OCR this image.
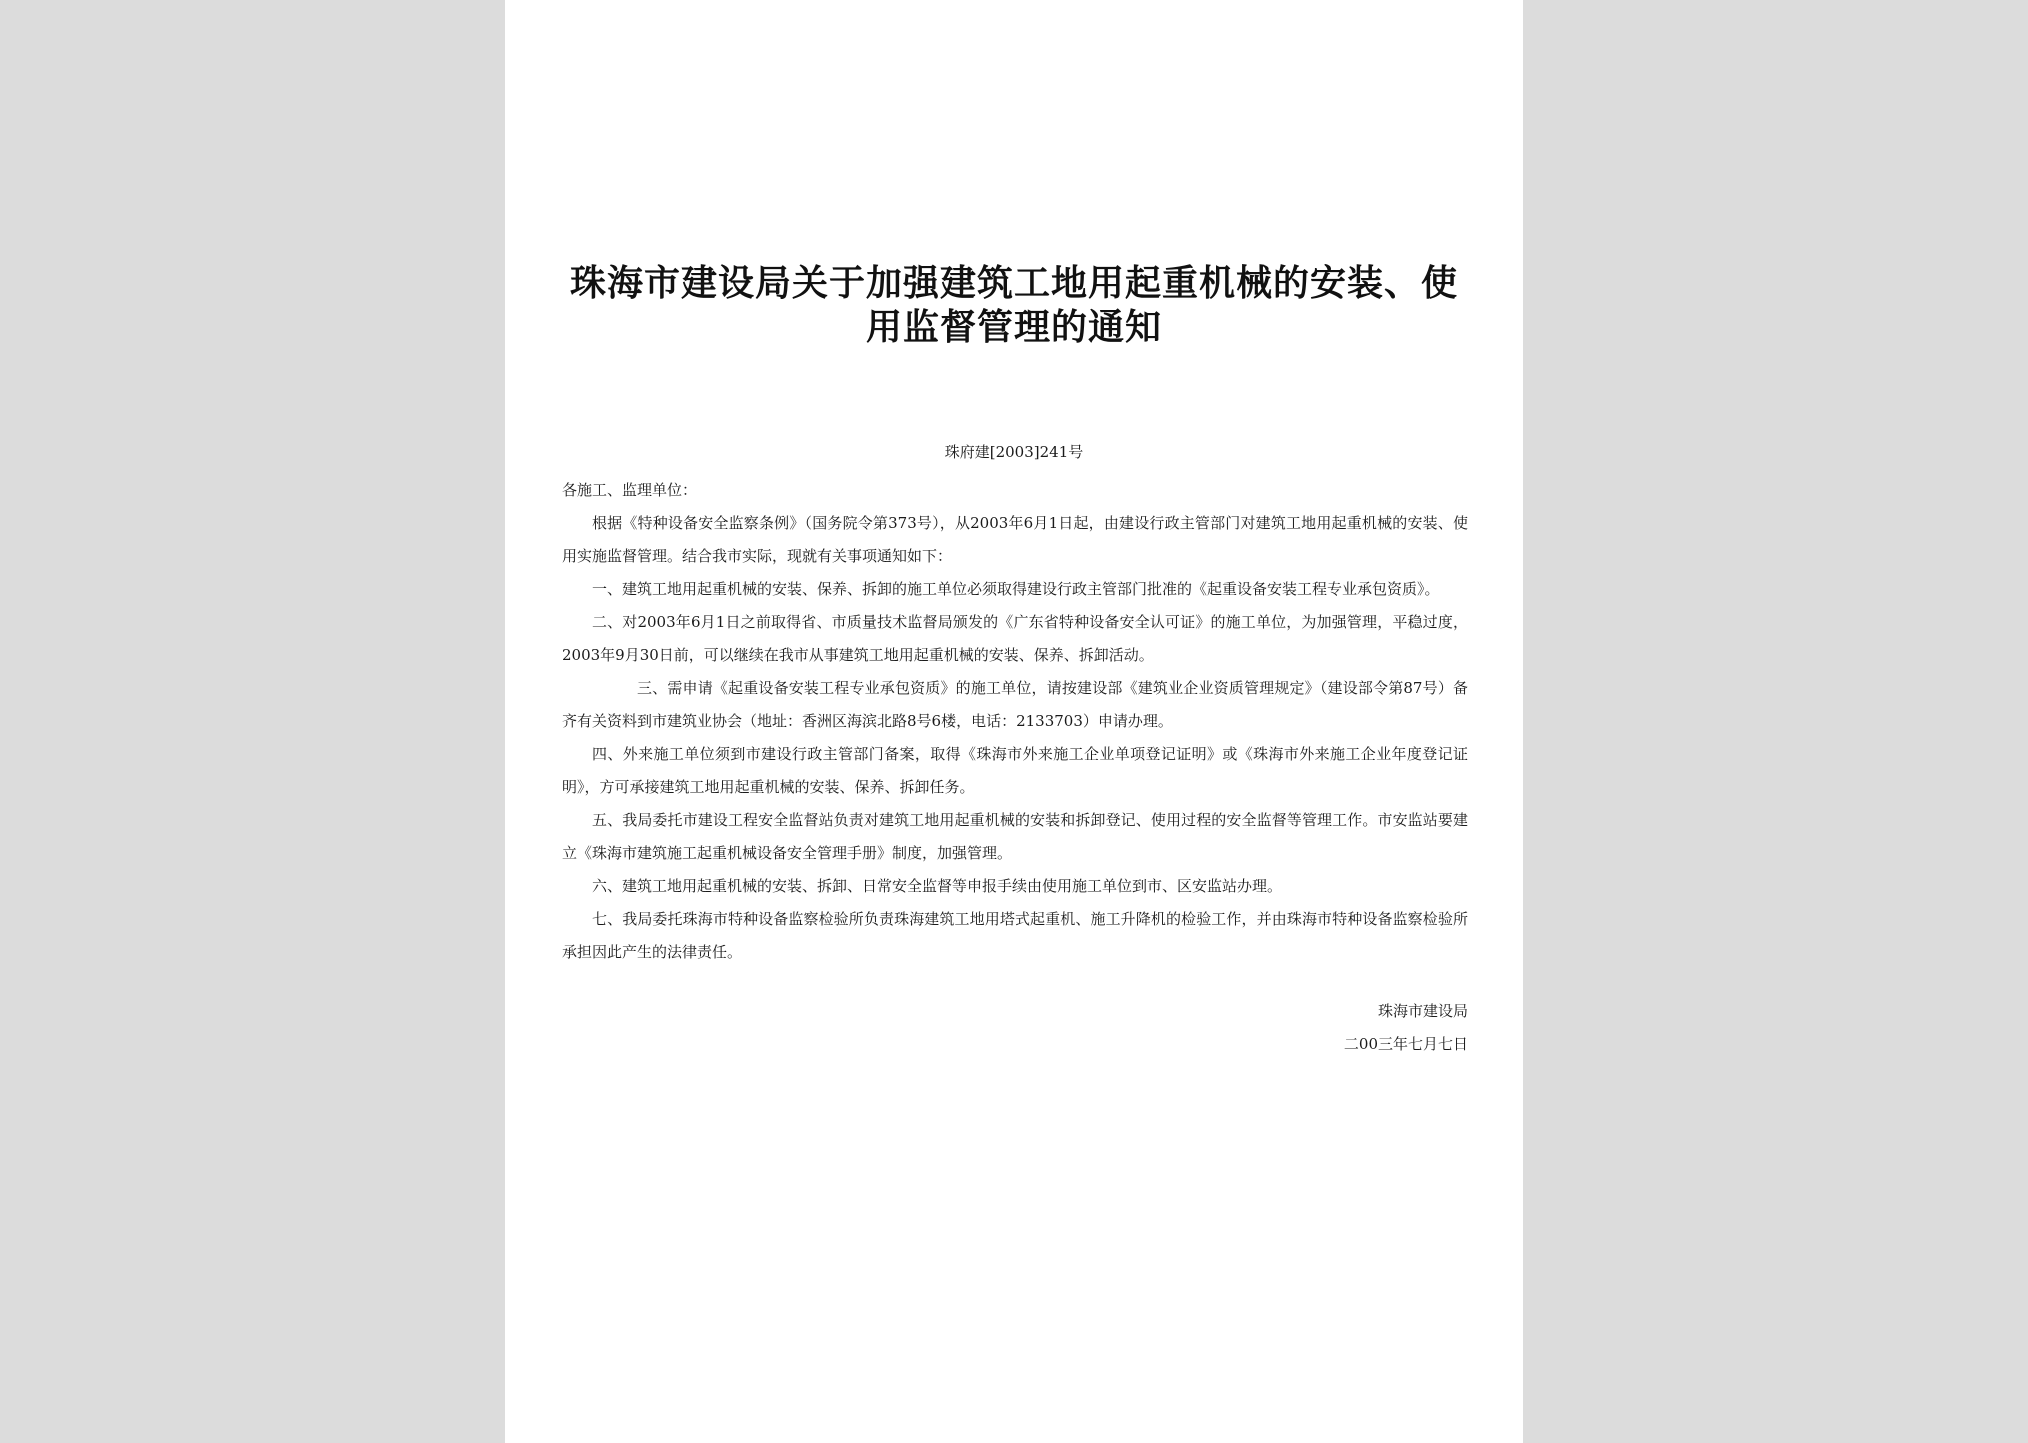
珠海市建设局关于加强建筑工地用起重机械的安装、使
用监督管理的通知
珠府建[2003]241号

各施工、监理单位：

根据《特种设备安全监察条例》（国务院令第373号），从2003年6月1日起，由建设行政主管部门对建筑工地用起重机械的安装、使用实施监督管理。结合我市实际，现就有关事项通知如下：

一、建筑工地用起重机械的安装、保养、拆卸的施工单位必须取得建设行政主管部门批准的《起重设备安装工程专业承包资质》。

二、对2003年6月1日之前取得省、市质量技术监督局颁发的《广东省特种设备安全认可证》的施工单位，为加强管理，平稳过度，2003年9月30日前，可以继续在我市从事建筑工地用起重机械的安装、保养、拆卸活动。

三、需申请《起重设备安装工程专业承包资质》的施工单位，请按建设部《建筑业企业资质管理规定》（建设部令第87号）备齐有关资料到市建筑业协会（地址：香洲区海滨北路8号6楼，电话：2133703）申请办理。

四、外来施工单位须到市建设行政主管部门备案，取得《珠海市外来施工企业单项登记证明》或《珠海市外来施工企业年度登记证明》，方可承接建筑工地用起重机械的安装、保养、拆卸任务。

五、我局委托市建设工程安全监督站负责对建筑工地用起重机械的安装和拆卸登记、使用过程的安全监督等管理工作。市安监站要建立《珠海市建筑施工起重机械设备安全管理手册》制度，加强管理。

六、建筑工地用起重机械的安装、拆卸、日常安全监督等申报手续由使用施工单位到市、区安监站办理。

七、我局委托珠海市特种设备监察检验所负责珠海建筑工地用塔式起重机、施工升降机的检验工作，并由珠海市特种设备监察检验所承担因此产生的法律责任。

珠海市建设局
二00三年七月七日
